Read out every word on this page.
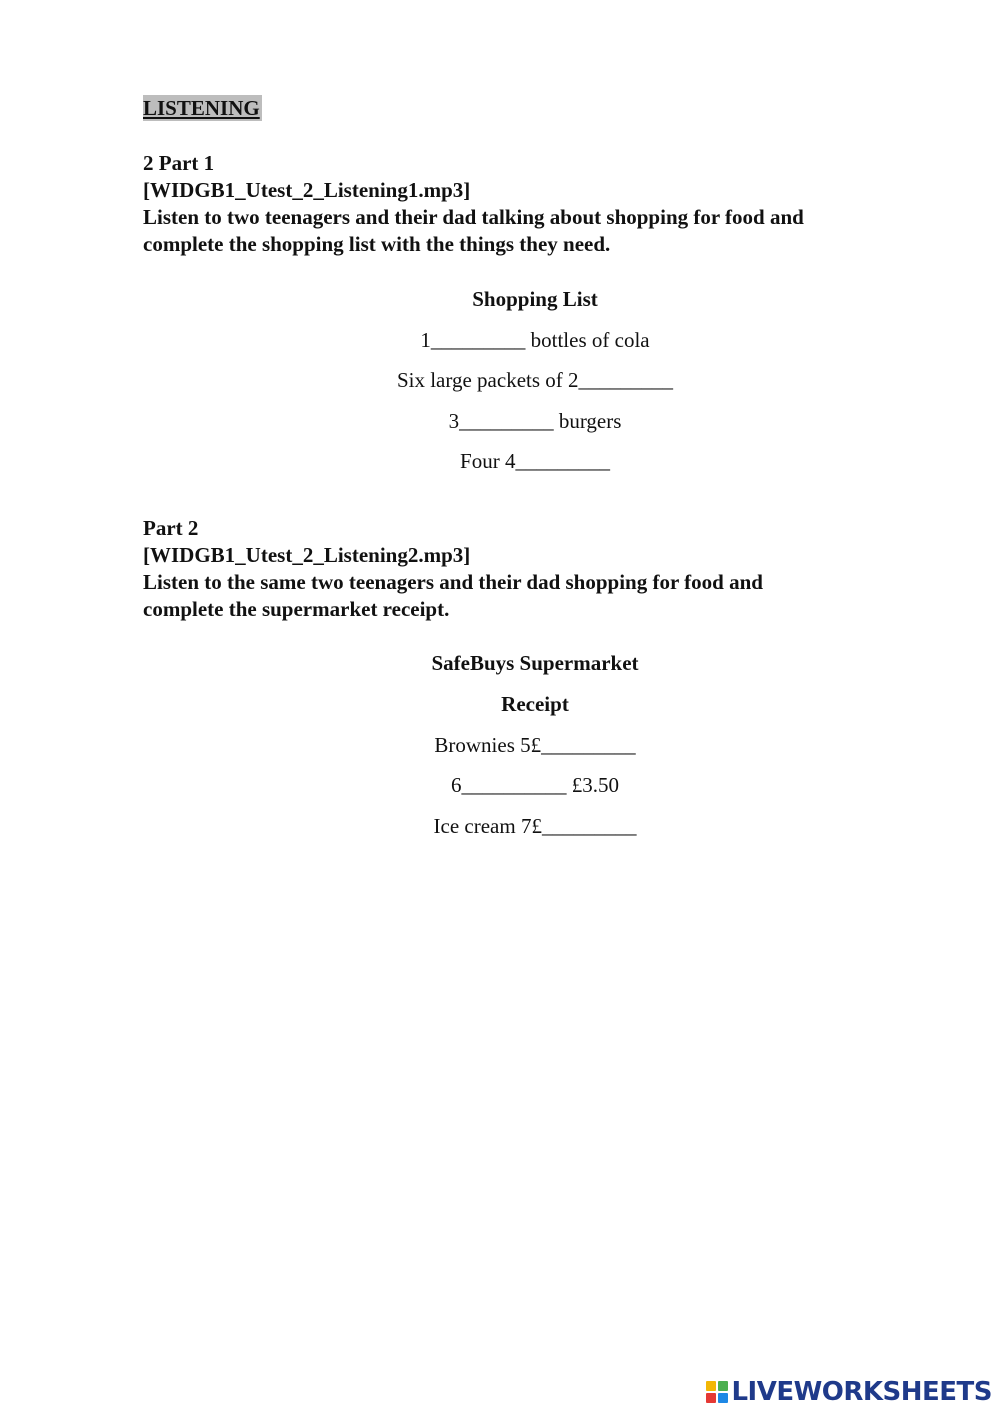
LISTENING
2 Part 1
[WIDGB1_Utest_2_Listening1.mp3]
Listen to two teenagers and their dad talking about shopping for food and
complete the shopping list with the things they need.
Shopping List
1_________ bottles of cola
Six large packets of 2_________
3_________ burgers
Four 4_________
Part 2
[WIDGB1_Utest_2_Listening2.mp3]
Listen to the same two teenagers and their dad shopping for food and
complete the supermarket receipt.
SafeBuys Supermarket
Receipt
Brownies 5£_________
6__________ £3.50
Ice cream 7£_________
LIVEWORKSHEETS
